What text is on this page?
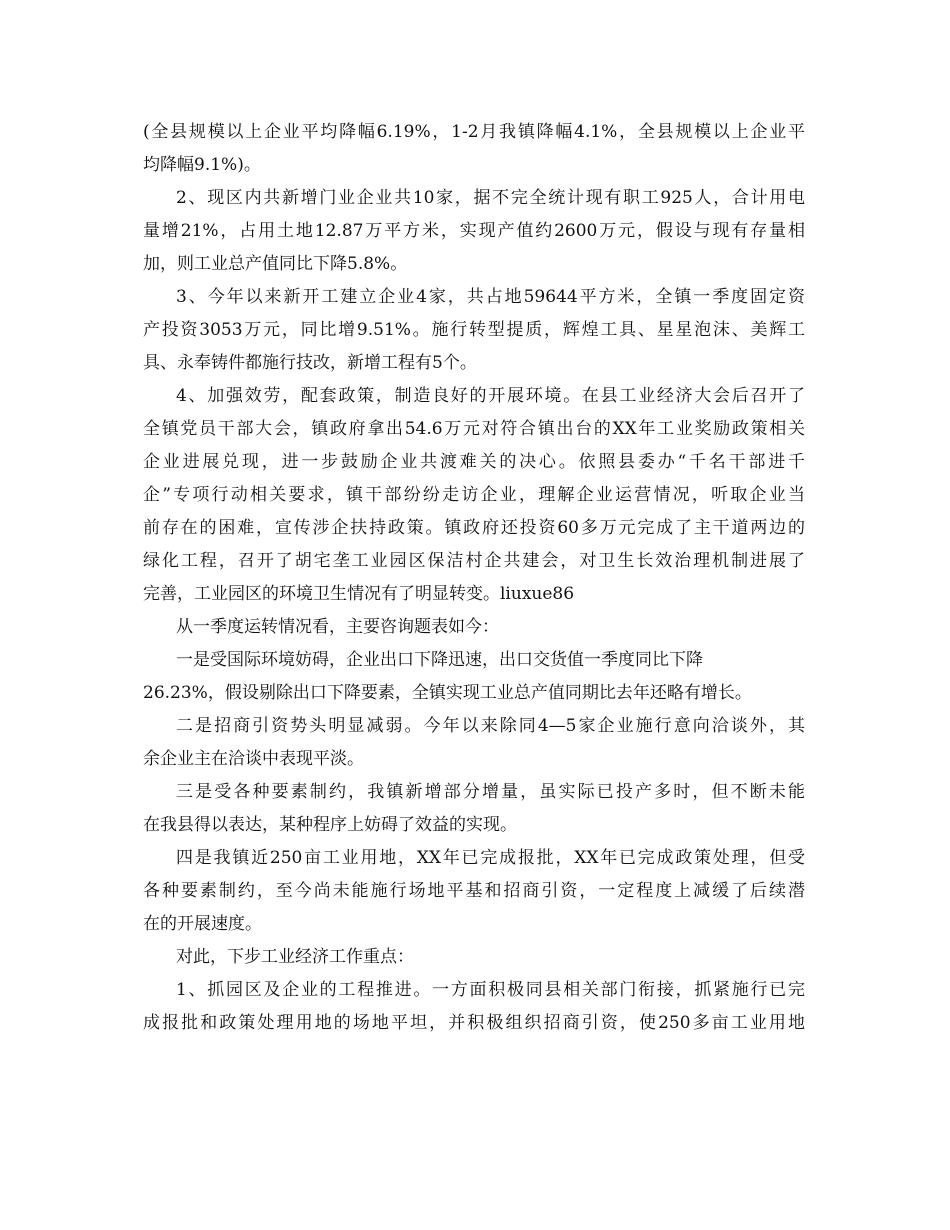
(全县规模以上企业平均降幅6.19%，1-2月我镇降幅4.1%，全县规模以上企业平
均降幅9.1%)。
2、现区内共新增门业企业共10家，据不完全统计现有职工925人，合计用电
量增21%，占用土地12.87万平方米，实现产值约2600万元，假设与现有存量相
加，则工业总产值同比下降5.8%。
3、今年以来新开工建立企业4家，共占地59644平方米，全镇一季度固定资
产投资3053万元，同比增9.51%。施行转型提质，辉煌工具、星星泡沫、美辉工
具、永奉铸件都施行技改，新增工程有5个。
4、加强效劳，配套政策，制造良好的开展环境。在县工业经济大会后召开了
全镇党员干部大会，镇政府拿出54.6万元对符合镇出台的XX年工业奖励政策相关
企业进展兑现，进一步鼓励企业共渡难关的决心。依照县委办“千名干部进千
企”专项行动相关要求，镇干部纷纷走访企业，理解企业运营情况，听取企业当
前存在的困难，宣传涉企扶持政策。镇政府还投资60多万元完成了主干道两边的
绿化工程，召开了胡宅垄工业园区保洁村企共建会，对卫生长效治理机制进展了
完善，工业园区的环境卫生情况有了明显转变。liuxue86
从一季度运转情况看，主要咨询题表如今：
一是受国际环境妨碍，企业出口下降迅速，出口交货值一季度同比下降
26.23%，假设剔除出口下降要素，全镇实现工业总产值同期比去年还略有增长。
二是招商引资势头明显减弱。今年以来除同4—5家企业施行意向洽谈外，其
余企业主在洽谈中表现平淡。
三是受各种要素制约，我镇新增部分增量，虽实际已投产多时，但不断未能
在我县得以表达，某种程序上妨碍了效益的实现。
四是我镇近250亩工业用地，XX年已完成报批，XX年已完成政策处理，但受
各种要素制约，至今尚未能施行场地平基和招商引资，一定程度上减缓了后续潜
在的开展速度。
对此，下步工业经济工作重点：
1、抓园区及企业的工程推进。一方面积极同县相关部门衔接，抓紧施行已完
成报批和政策处理用地的场地平坦，并积极组织招商引资，使250多亩工业用地
